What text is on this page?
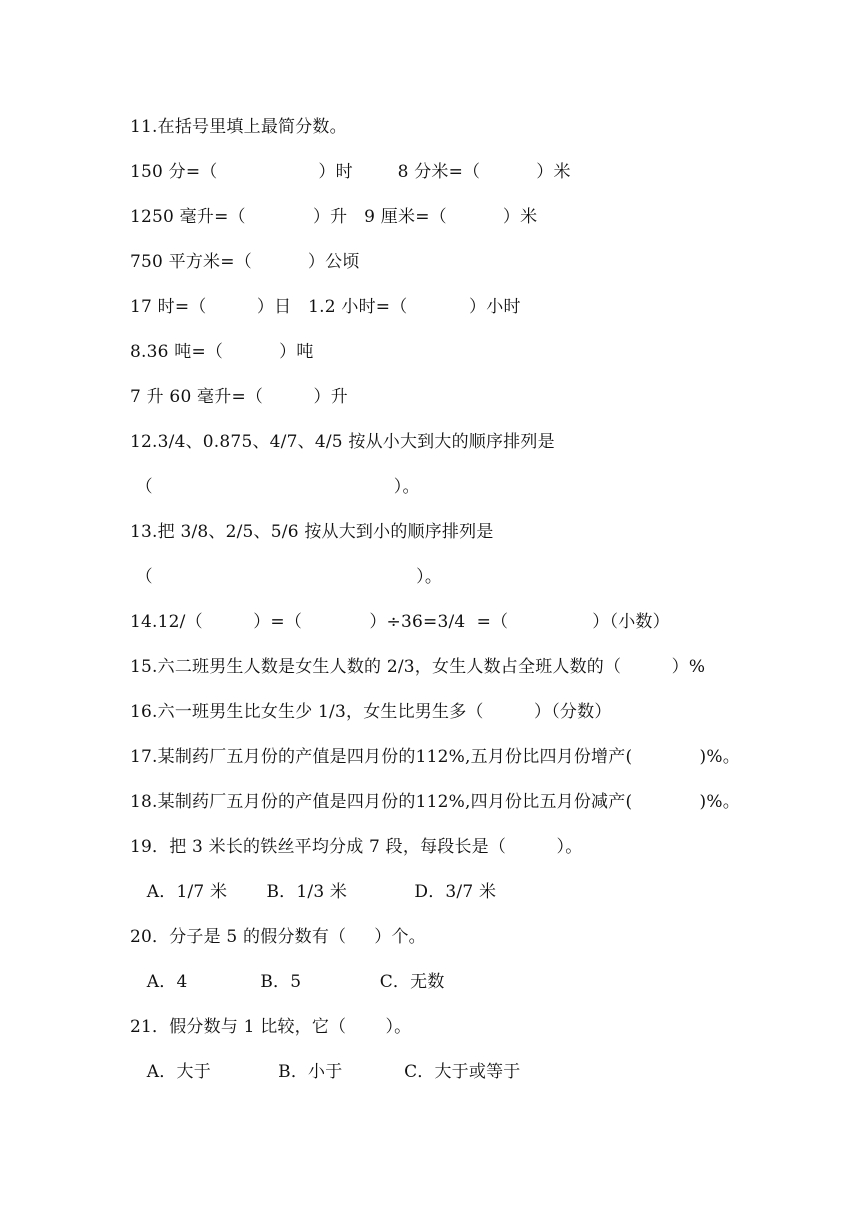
11.在括号里填上最简分数。
150 分=（                  ）时        8 分米=（          ）米
1250 毫升=（            ）升   9 厘米=（          ）米
750 平方米=（          ）公顷
17 时=（         ）日   1.2 小时=（           ）小时
8.36 吨=（          ）吨
7 升 60 毫升=（         ）升
12.3/4、0.875、4/7、4/5 按从小大到大的顺序排列是
（                                           ）。
13.把 3/8、2/5、5/6 按从大到小的顺序排列是
（                                               ）。
14.12/（         ）=（            ）÷36=3/4  =（               ）（小数）
15.六二班男生人数是女生人数的 2/3，女生人数占全班人数的（         ）%
16.六一班男生比女生少 1/3，女生比男生多（         ）（分数）
17.某制药厂五月份的产值是四月份的112%,五月份比四月份增产(            )%。
18.某制药厂五月份的产值是四月份的112%,四月份比五月份减产(            )%。
19．把 3 米长的铁丝平均分成 7 段，每段长是（         ）。
A．1/7 米       B．1/3 米            D．3/7 米
20．分子是 5 的假分数有（     ）个。
A．4             B．5              C．无数
21．假分数与 1 比较，它（       ）。
A．大于            B．小于           C．大于或等于
